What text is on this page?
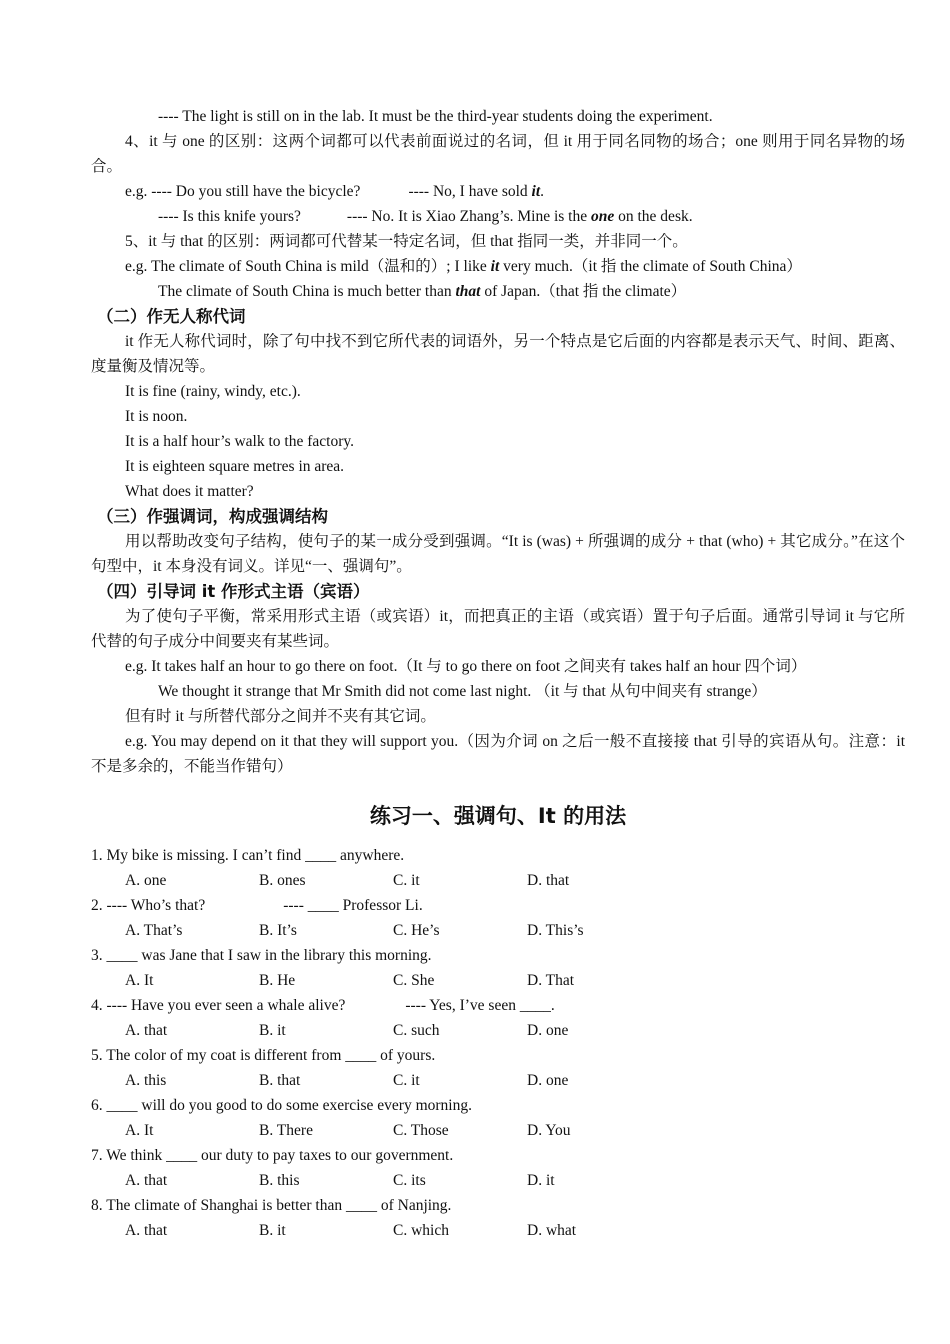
---- The light is still on in the lab. It must be the third-year students doing the experiment.
4、it 与 one 的区别：这两个词都可以代表前面说过的名词，但 it 用于同名同物的场合；one 则用于同名异物的场合。
e.g. ---- Do you still have the bicycle?	---- No, I have sold it.
---- Is this knife yours?	---- No. It is Xiao Zhang’s. Mine is the one on the desk.
5、it 与 that 的区别：两词都可代替某一特定名词，但 that 指同一类，并非同一个。
e.g. The climate of South China is mild（温和的）; I like it very much.（it 指 the climate of South China）
The climate of South China is much better than that of Japan.（that 指 the climate）
（二）作无人称代词
it 作无人称代词时，除了句中找不到它所代表的词语外，另一个特点是它后面的内容都是表示天气、时间、距离、度量衡及情况等。
It is fine (rainy, windy, etc.).
It is noon.
It is a half hour’s walk to the factory.
It is eighteen square metres in area.
What does it matter?
（三）作强调词，构成强调结构
用以帮助改变句子结构，使句子的某一成分受到强调。“It is (was) + 所强调的成分 + that (who) + 其它成分。”在这个句型中，it 本身没有词义。详见“一、强调句”。
（四）引导词 it 作形式主语（宾语）
为了使句子平衡，常采用形式主语（或宾语）it，而把真正的主语（或宾语）置于句子后面。通常引导词 it 与它所代替的句子成分中间要夹有某些词。
e.g. It takes half an hour to go there on foot.（It 与 to go there on foot 之间夹有 takes half an hour 四个词）
We thought it strange that Mr Smith did not come last night. （it 与 that 从句中间夹有 strange）
但有时 it 与所替代部分之间并不夹有其它词。
e.g. You may depend on it that they will support you.（因为介词 on 之后一般不直接接 that 引导的宾语从句。注意：it 不是多余的，不能当作错句）
练习一、强调句、It 的用法
1. My bike is missing. I can’t find ____ anywhere.
A. one	B. ones	C. it	D. that
2. ---- Who’s that?	---- ____ Professor Li.
A. That’s	B. It’s	C. He’s	D. This’s
3. ____ was Jane that I saw in the library this morning.
A. It	B. He	C. She	D. That
4. ---- Have you ever seen a whale alive?	---- Yes, I’ve seen ____.
A. that	B. it	C. such	D. one
5. The color of my coat is different from ____ of yours.
A. this	B. that	C. it	D. one
6. ____ will do you good to do some exercise every morning.
A. It	B. There	C. Those	D. You
7. We think ____ our duty to pay taxes to our government.
A. that	B. this	C. its	D. it
8. The climate of Shanghai is better than ____ of Nanjing.
A. that	B. it	C. which	D. what
